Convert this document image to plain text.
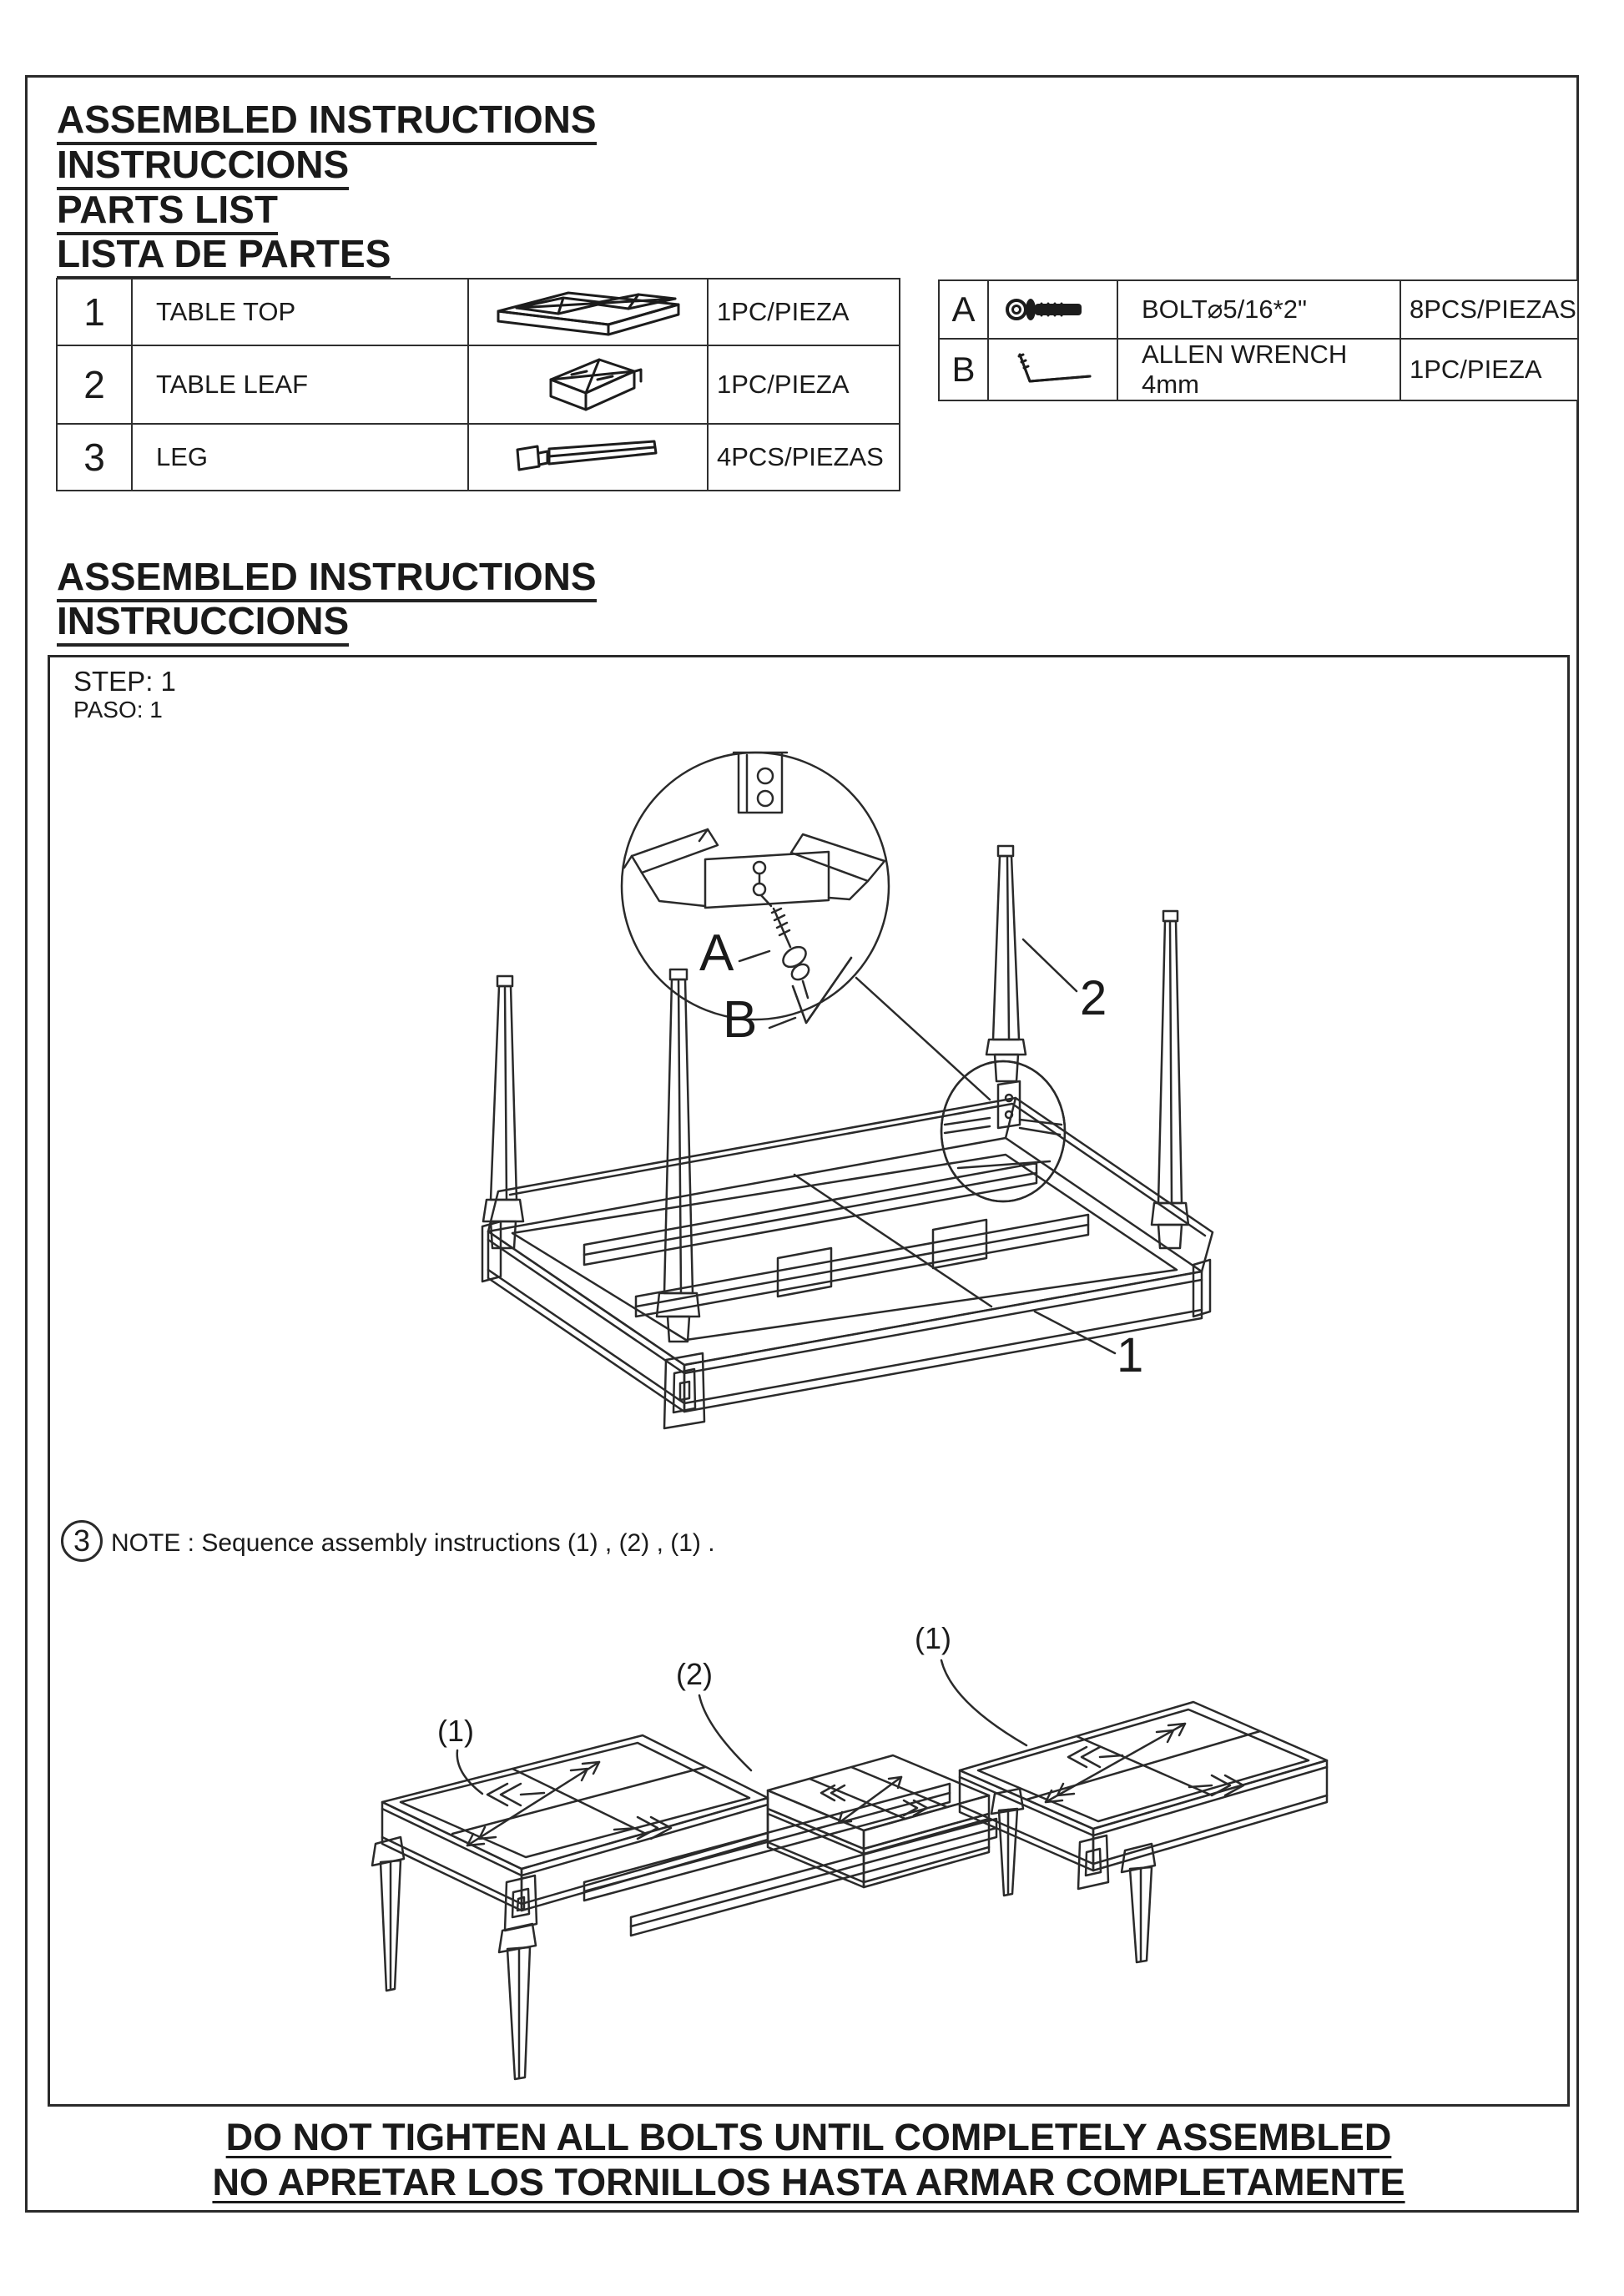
ASSEMBLED INSTRUCTIONS
INSTRUCCIONS
PARTS LIST
LISTA DE PARTES
1	TABLE TOP		1PC/PIEZA
2	TABLE LEAF		1PC/PIEZA
3	LEG		4PCS/PIEZAS
A		BOLT⌀5/16*2"	8PCS/PIEZAS
B		ALLEN WRENCH 4mm	1PC/PIEZA
ASSEMBLED INSTRUCTIONS
INSTRUCCIONS
STEP: 1
PASO: 1
A
B	2
1
3 NOTE : Sequence assembly instructions (1) , (2) , (1) .
(1)
(2)
(1)
DO NOT TIGHTEN ALL BOLTS UNTIL COMPLETELY ASSEMBLED
NO APRETAR LOS TORNILLOS HASTA ARMAR COMPLETAMENTE
